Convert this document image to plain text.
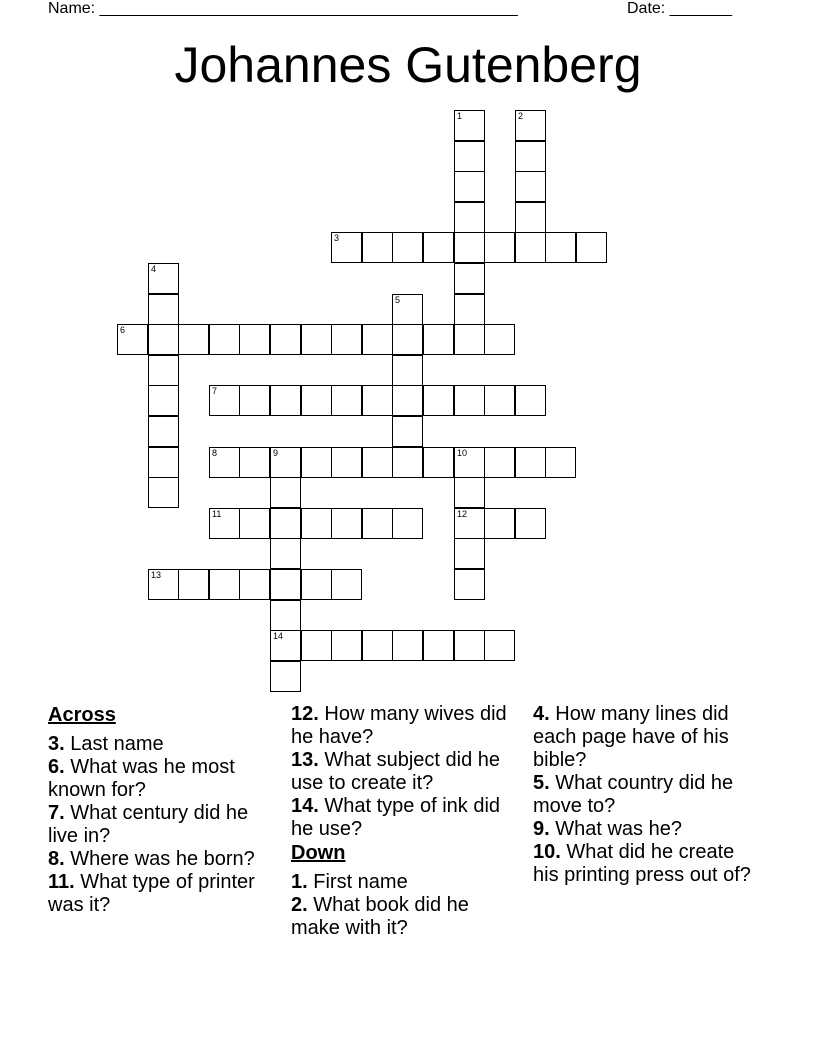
Name: _______________________________________________	Date: _______
Johannes Gutenberg
1	2
3
4
5
6
7
8	9	10
11	12
13
14
Across

3. Last name

6. What was he most known for?

7. What century did he live in?

8. Where was he born?

11. What type of printer was it?

12. How many wives did he have?

13. What subject did he use to create it?

14. What type of ink did he use?

Down

1. First name

2. What book did he make with it?

4. How many lines did each page have of his bible?

5. What country did he move to?

9. What was he?

10. What did he create his printing press out of?
